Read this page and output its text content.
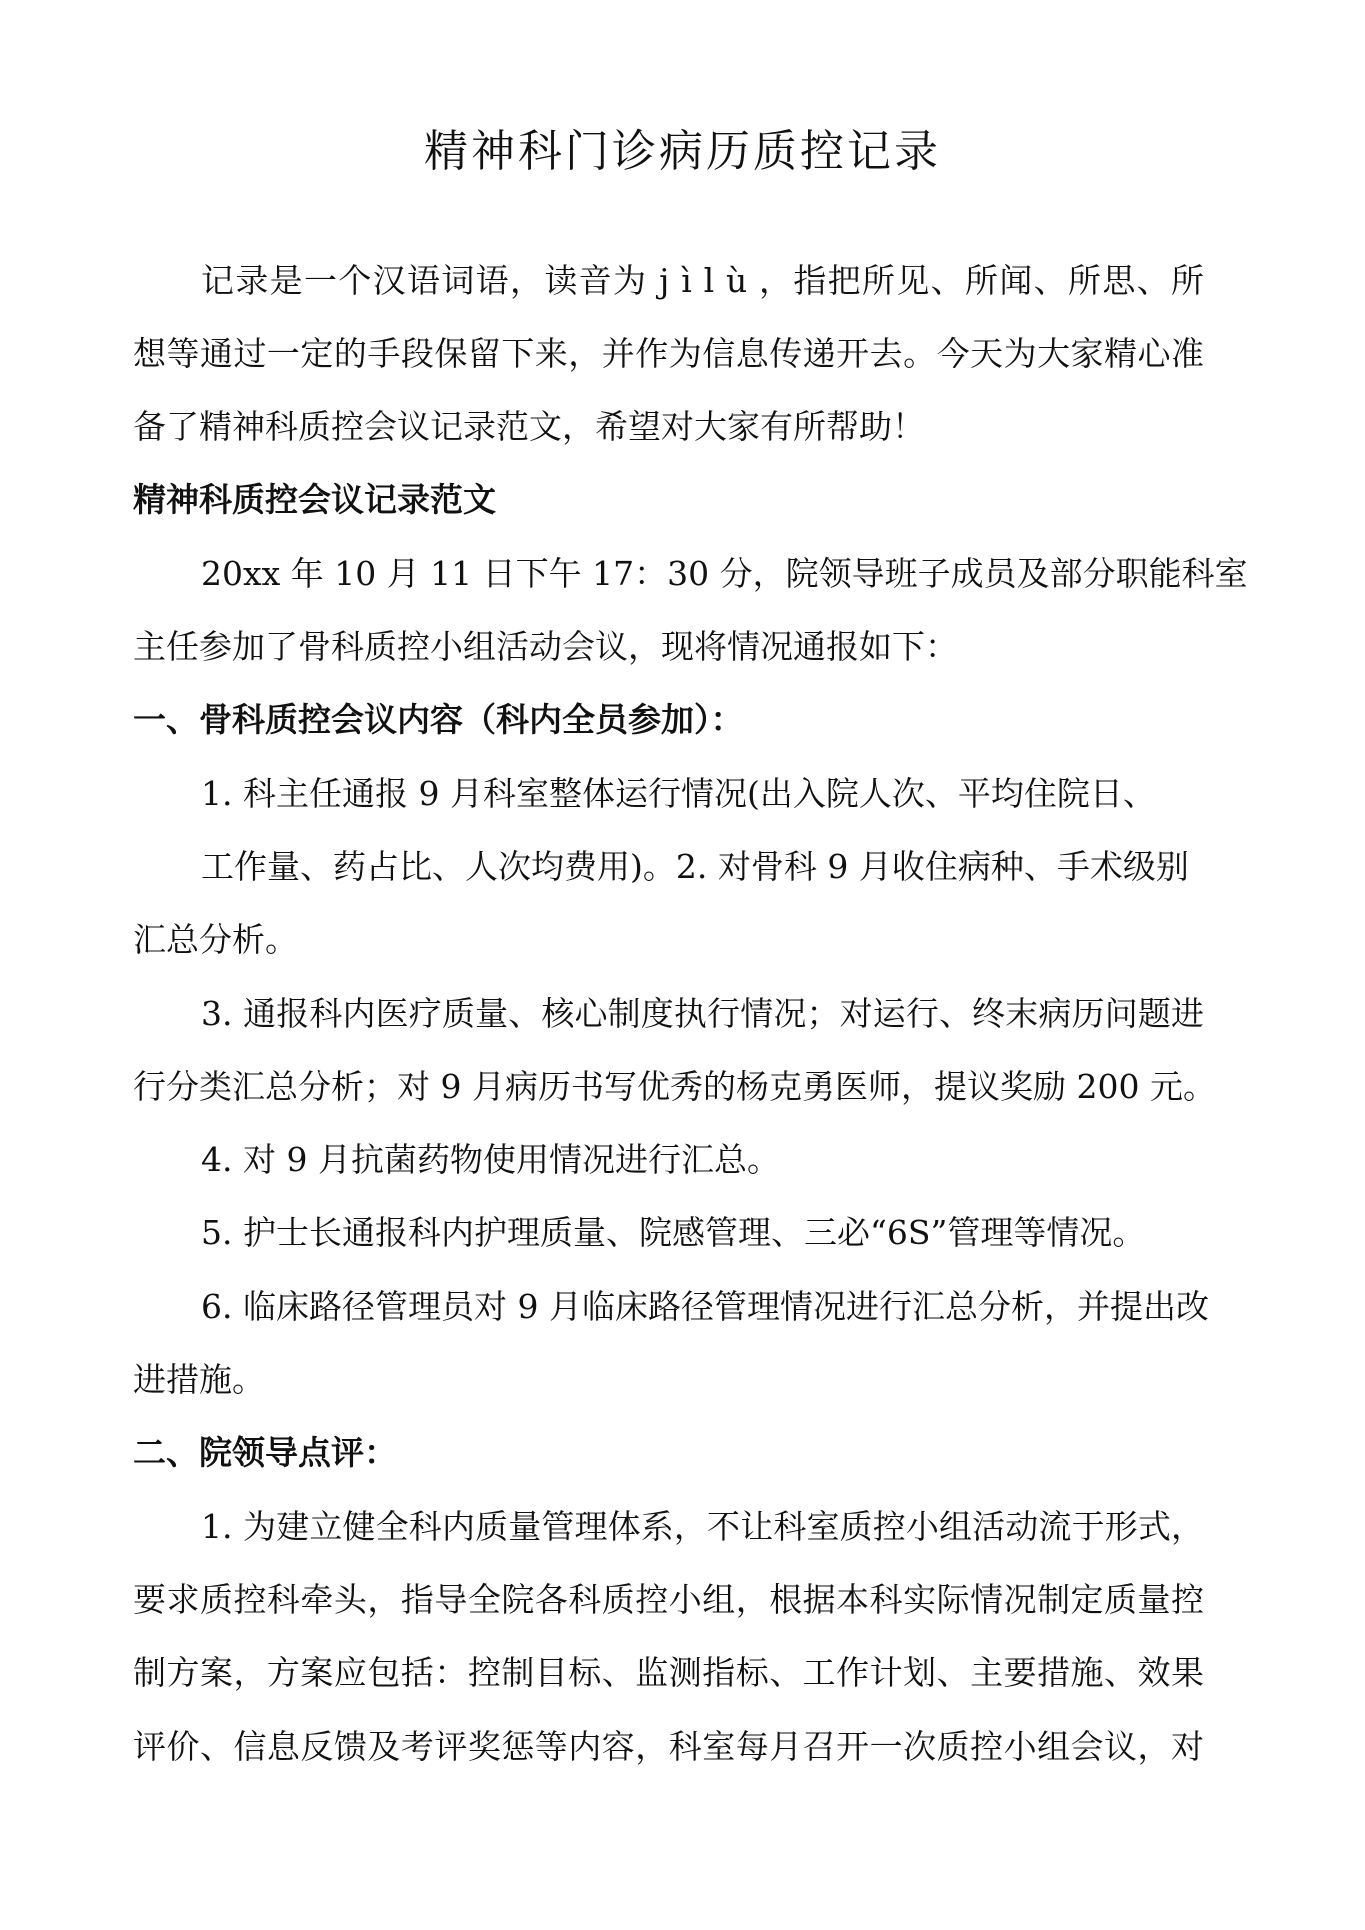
精神科门诊病历质控记录
记录是一个汉语词语，读音为 j ì l ù ，指把所见、所闻、所思、所
想等通过一定的手段保留下来，并作为信息传递开去。今天为大家精心准
备了精神科质控会议记录范文，希望对大家有所帮助！
精神科质控会议记录范文
20xx 年 10 月 11 日下午 17：30 分，院领导班子成员及部分职能科室
主任参加了骨科质控小组活动会议，现将情况通报如下：
一、骨科质控会议内容（科内全员参加）：
1. 科主任通报 9 月科室整体运行情况(出入院人次、平均住院日、
工作量、药占比、人次均费用)。2. 对骨科 9 月收住病种、手术级别
汇总分析。
3. 通报科内医疗质量、核心制度执行情况；对运行、终末病历问题进
行分类汇总分析；对 9 月病历书写优秀的杨克勇医师，提议奖励 200 元。
4. 对 9 月抗菌药物使用情况进行汇总。
5. 护士长通报科内护理质量、院感管理、三必“6S”管理等情况。
6. 临床路径管理员对 9 月临床路径管理情况进行汇总分析，并提出改
进措施。
二、院领导点评：
1. 为建立健全科内质量管理体系，不让科室质控小组活动流于形式，
要求质控科牵头，指导全院各科质控小组，根据本科实际情况制定质量控
制方案，方案应包括：控制目标、监测指标、工作计划、主要措施、效果
评价、信息反馈及考评奖惩等内容，科室每月召开一次质控小组会议，对
